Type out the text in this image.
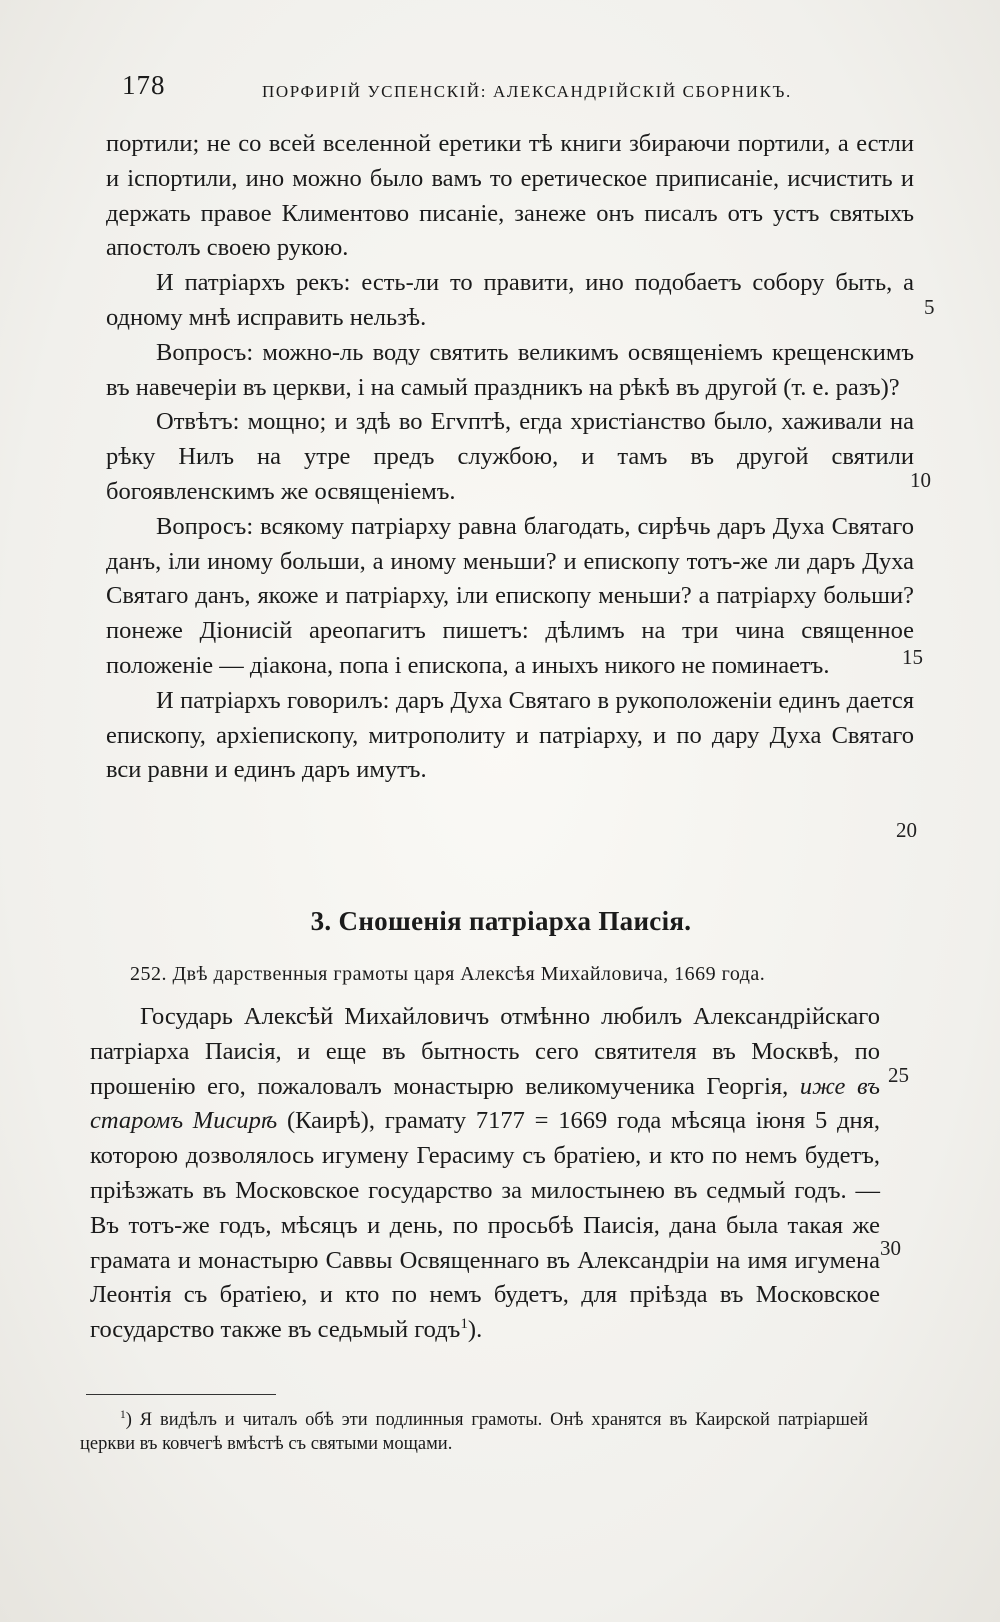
178	ПОРФИРІЙ УСПЕНСКІЙ: АЛЕКСАНДРІЙСКІЙ СБОРНИКЪ.

портили; не со всей вселенной еретики тѣ книги збираючи портили, а естли и іспортили, ино можно было вамъ то еретическое приписаніе, исчистить и держать правое Климентово писаніе, занеже онъ писалъ отъ устъ святыхъ апостолъ своею рукою.

И патріархъ рекъ: есть-ли то правити, ино подобаетъ собору быть, а одному мнѣ исправить нельзѣ.

Вопросъ: можно-ль воду святить великимъ освященіемъ крещенскимъ въ навечеріи въ церкви, і на самый праздникъ на рѣкѣ въ другой (т. е. разъ)?

Отвѣтъ: мощно; и здѣ во Егvптѣ, егда христіанство было, хаживали на рѣку Нилъ на утре предъ службою, и тамъ въ другой святили богоявленскимъ же освященіемъ.

Вопросъ: всякому патріарху равна благодать, сирѣчь даръ Духа Святаго данъ, іли иному больши, а иному меньши? и епископу тотъ-же ли даръ Духа Святаго данъ, якоже и патріарху, іли епископу меньши? а патріарху больши? понеже Діонисій ареопагитъ пишетъ: дѣлимъ на три чина священное положеніе — діакона, попа і епископа, а иныхъ никого не поминаетъ.

И патріархъ говорилъ: даръ Духа Святаго в рукоположеніи единъ дается епископу, архіепископу, митрополиту и патріарху, и по дару Духа Святаго вси равни и единъ даръ имутъ.

5
10
15
20
25
30
3. Сношенія патріарха Паисія.
252. Двѣ дарственныя грамоты царя Алексѣя Михайловича, 1669 года.

Государь Алексѣй Михайловичъ отмѣнно любилъ Александрійскаго патріарха Паисія, и еще въ бытность сего святителя въ Москвѣ, по прошенію его, пожаловалъ монастырю великомученика Георгія, иже въ старомъ Мисирѣ (Каирѣ), грамату 7177 = 1669 года мѣсяца іюня 5 дня, которою дозволялось игумену Герасиму съ братіею, и кто по немъ будетъ, пріѣзжать въ Московское государство за милостынею въ седмый годъ. — Въ тотъ-же годъ, мѣсяцъ и день, по просьбѣ Паисія, дана была такая же грамата и монастырю Саввы Освященнаго въ Александріи на имя игумена Леонтія съ братіею, и кто по немъ будетъ, для пріѣзда въ Московское государство также въ седьмый годъ$^1$).

$^1$) Я видѣлъ и читалъ обѣ эти подлинныя грамоты. Онѣ хранятся въ Каирской патріаршей церкви въ ковчегѣ вмѣстѣ съ святыми мощами.
